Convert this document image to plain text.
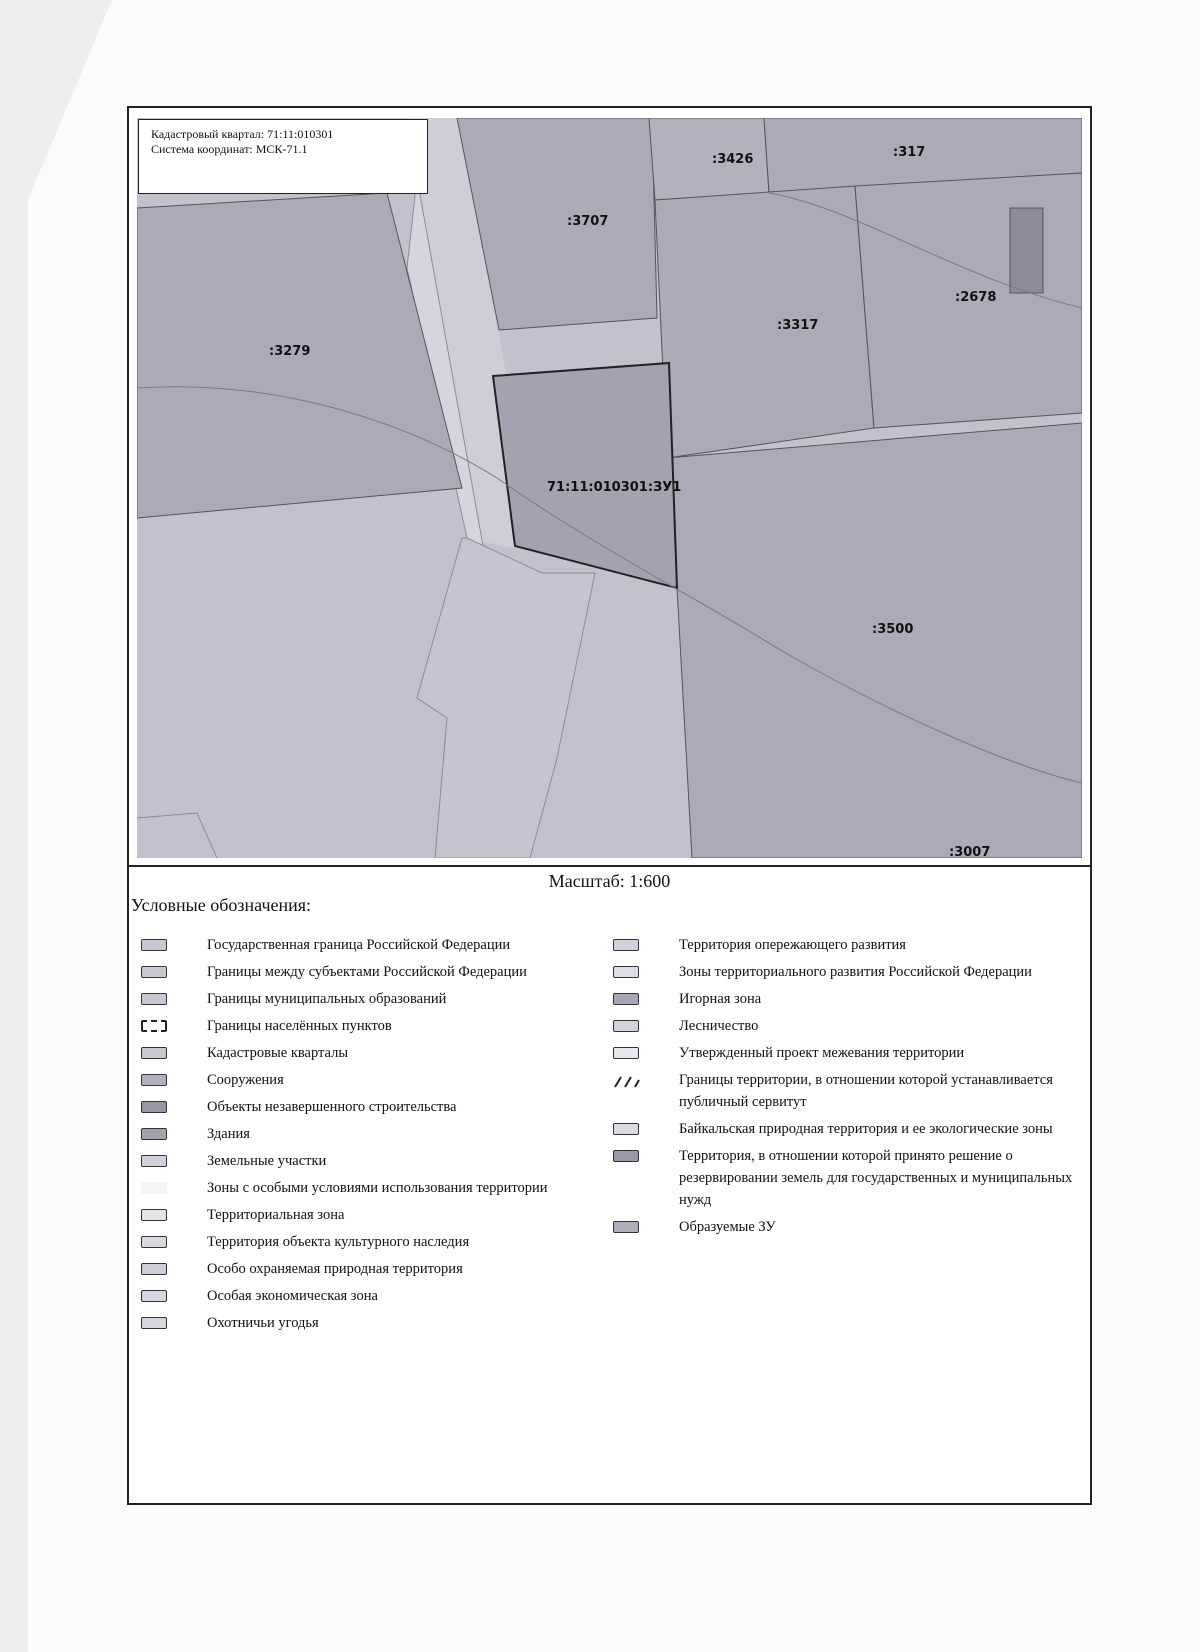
:3426	:317
:3707
:2678
:3317
:3279
71:11:010301:ЗУ1
:3500
:3007
Кадастровый квартал: 71:11:010301
Система координат: МСК-71.1
Масштаб: 1:600
Условные обозначения:
Государственная граница Российской Федерации
Границы между субъектами Российской Федерации
Границы муниципальных образований
Границы населённых пунктов
Кадастровые кварталы
Сооружения
Объекты незавершенного строительства
Здания
Земельные участки
Зоны с особыми условиями использования территории
Территориальная зона
Территория объекта культурного наследия
Особо охраняемая природная территория
Особая экономическая зона
Охотничьи угодья
Территория опережающего развития
Зоны территориального развития Российской Федерации
Игорная зона
Лесничество
Утвержденный проект межевания территории
Границы территории, в отношении которой устанавливается публичный сервитут
Байкальская природная территория и ее экологические зоны
Территория, в отношении которой принято решение о резервировании земель для государственных и муниципальных нужд
Образуемые ЗУ
